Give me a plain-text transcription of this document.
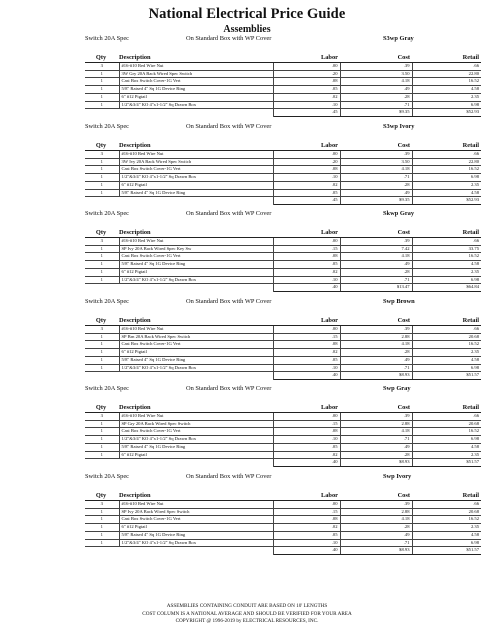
National Electrical Price Guide
Assemblies
Switch 20A Spec	On Standard Box with WP Cover	S3wp Gray
Qty	Description	Labor	Cost	Retail
3	#16-#10 Red Wire Nut	.00	.39	.66
1	3W Gry 20A Back Wired Spec Switch	.20	3.50	22.80
1	Cast Box Switch Cover-1G Vert	.08	4.18	16.52
1	5/8" Raised 4" Sq 1G Device Ring	.05	.49	4.58
1	6" #12 Pigtail	.02	.28	2.35
1	1/2"&3/4" KO 4"x1-1/2" Sq Drawn Box	.10	.71	6.98
		.45	$9.35	$52.93
Switch 20A Spec	On Standard Box with WP Cover	S3wp Ivory
Qty	Description	Labor	Cost	Retail
3	#16-#10 Red Wire Nut	.00	.39	.66
1	3W Ivy 20A Back Wired Spec Switch	.20	3.50	22.80
1	Cast Box Switch Cover-1G Vert	.08	4.18	16.52
1	1/2"&3/4" KO 4"x1-1/2" Sq Drawn Box	.10	.71	6.98
1	6" #12 Pigtail	.02	.28	2.35
1	5/8" Raised 4" Sq 1G Device Ring	.05	.49	4.58
		.45	$9.35	$52.93
Switch 20A Spec	On Standard Box with WP Cover	Skwp Gray
Qty	Description	Labor	Cost	Retail
3	#16-#10 Red Wire Nut	.00	.39	.66
1	SP Ivy 20A Back Wired Spec Key Sw	.15	7.42	33.75
1	Cast Box Switch Cover-1G Vert	.08	4.18	16.52
1	5/8" Raised 4" Sq 1G Device Ring	.05	.49	4.58
1	6" #12 Pigtail	.02	.28	2.35
1	1/2"&3/4" KO 4"x1-1/2" Sq Drawn Box	.10	.71	6.98
		.40	$13.47	$64.84
Switch 20A Spec	On Standard Box with WP Cover	Swp Brown
Qty	Description	Labor	Cost	Retail
3	#16-#10 Red Wire Nut	.00	.39	.66
1	SP Brn 20A Back Wired Spec Switch	.15	2.88	20.68
1	Cast Box Switch Cover-1G Vert	.08	4.18	16.52
1	6" #12 Pigtail	.02	.28	2.35
1	5/8" Raised 4" Sq 1G Device Ring	.05	.49	4.58
1	1/2"&3/4" KO 4"x1-1/2" Sq Drawn Box	.10	.71	6.98
		.40	$8.93	$51.57
Switch 20A Spec	On Standard Box with WP Cover	Swp Gray
Qty	Description	Labor	Cost	Retail
3	#16-#10 Red Wire Nut	.00	.39	.66
1	SP Gry 20A Back Wired Spec Switch	.15	2.88	20.68
1	Cast Box Switch Cover-1G Vert	.08	4.18	16.52
1	1/2"&3/4" KO 4"x1-1/2" Sq Drawn Box	.10	.71	6.98
1	5/8" Raised 4" Sq 1G Device Ring	.05	.49	4.58
1	6" #12 Pigtail	.02	.28	2.35
		.40	$8.93	$51.57
Switch 20A Spec	On Standard Box with WP Cover	Swp Ivory
Qty	Description	Labor	Cost	Retail
3	#16-#10 Red Wire Nut	.00	.39	.66
1	SP Ivy 20A Back Wired Spec Switch	.15	2.88	20.68
1	Cast Box Switch Cover-1G Vert	.08	4.18	16.52
1	6" #12 Pigtail	.02	.28	2.35
1	5/8" Raised 4" Sq 1G Device Ring	.05	.49	4.58
1	1/2"&3/4" KO 4"x1-1/2" Sq Drawn Box	.10	.71	6.98
		.40	$8.93	$51.57
ASSEMBLIES CONTAINING CONDUIT ARE BASED ON 10' LENGTHS
COST COLUMN IS A NATIONAL AVERAGE AND SHOULD BE VERIFIED FOR YOUR AREA
COPYRIGHT @ 1996-2019 by ELECTRICAL RESOURCES, INC.
